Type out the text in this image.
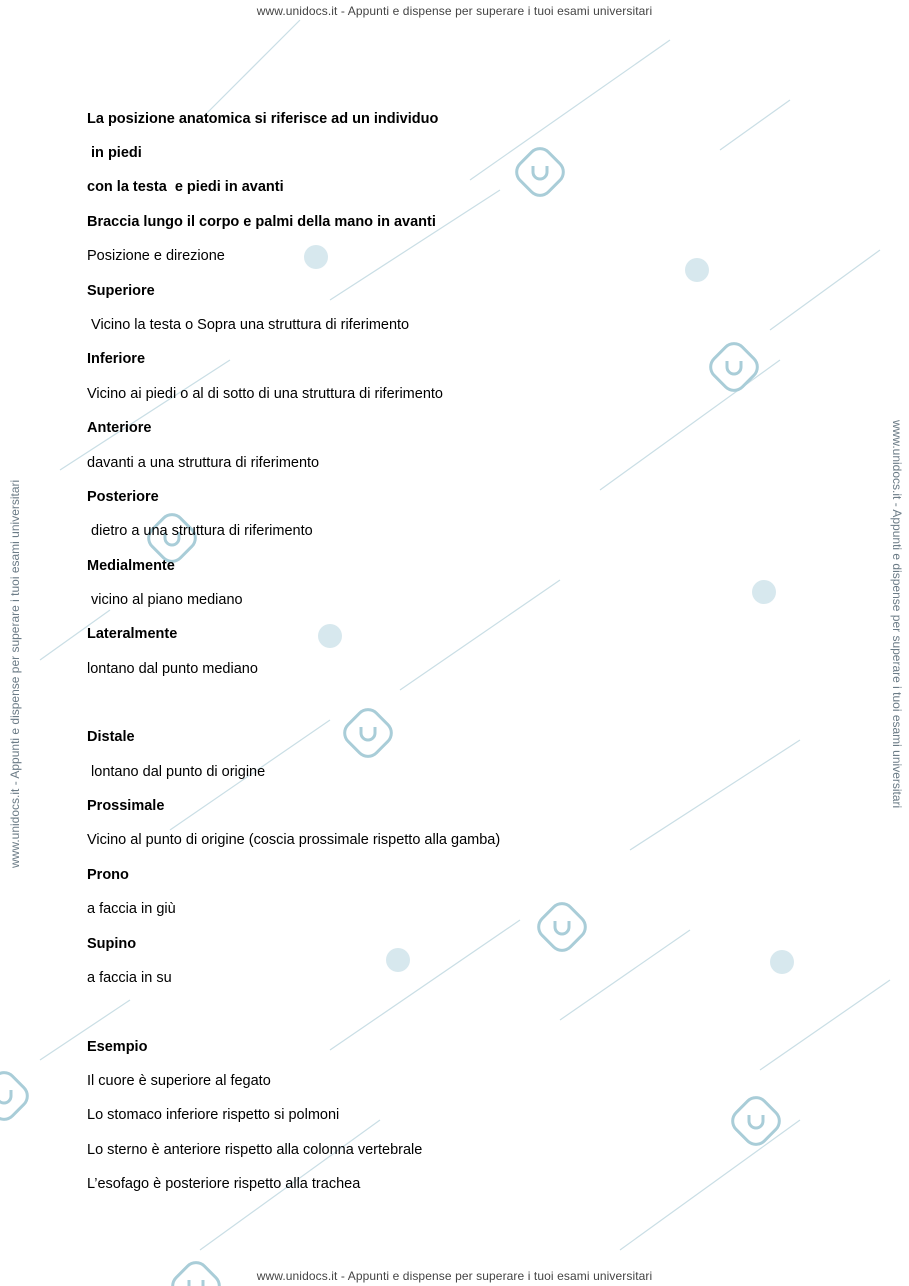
www.unidocs.it - Appunti e dispense per superare i tuoi esami universitari
www.unidocs.it - Appunti e dispense per superare i tuoi esami universitari
www.unidocs.it - Appunti e dispense per superare i tuoi esami universitari	www.unidocs.it - Appunti e dispense per superare i tuoi esami universitari
La posizione anatomica si riferisce ad un individuo
in piedi
con la testa  e piedi in avanti
Braccia lungo il corpo e palmi della mano in avanti
Posizione e direzione
Superiore
Vicino la testa o Sopra una struttura di riferimento
Inferiore
Vicino ai piedi o al di sotto di una struttura di riferimento
Anteriore
davanti a una struttura di riferimento
Posteriore
dietro a una struttura di riferimento
Medialmente
vicino al piano mediano
Lateralmente
lontano dal punto mediano
Distale
lontano dal punto di origine
Prossimale
Vicino al punto di origine (coscia prossimale rispetto alla gamba)
Prono
a faccia in giù
Supino
a faccia in su
Esempio
Il cuore è superiore al fegato
Lo stomaco inferiore rispetto si polmoni
Lo sterno è anteriore rispetto alla colonna vertebrale
L’esofago è posteriore rispetto alla trachea
